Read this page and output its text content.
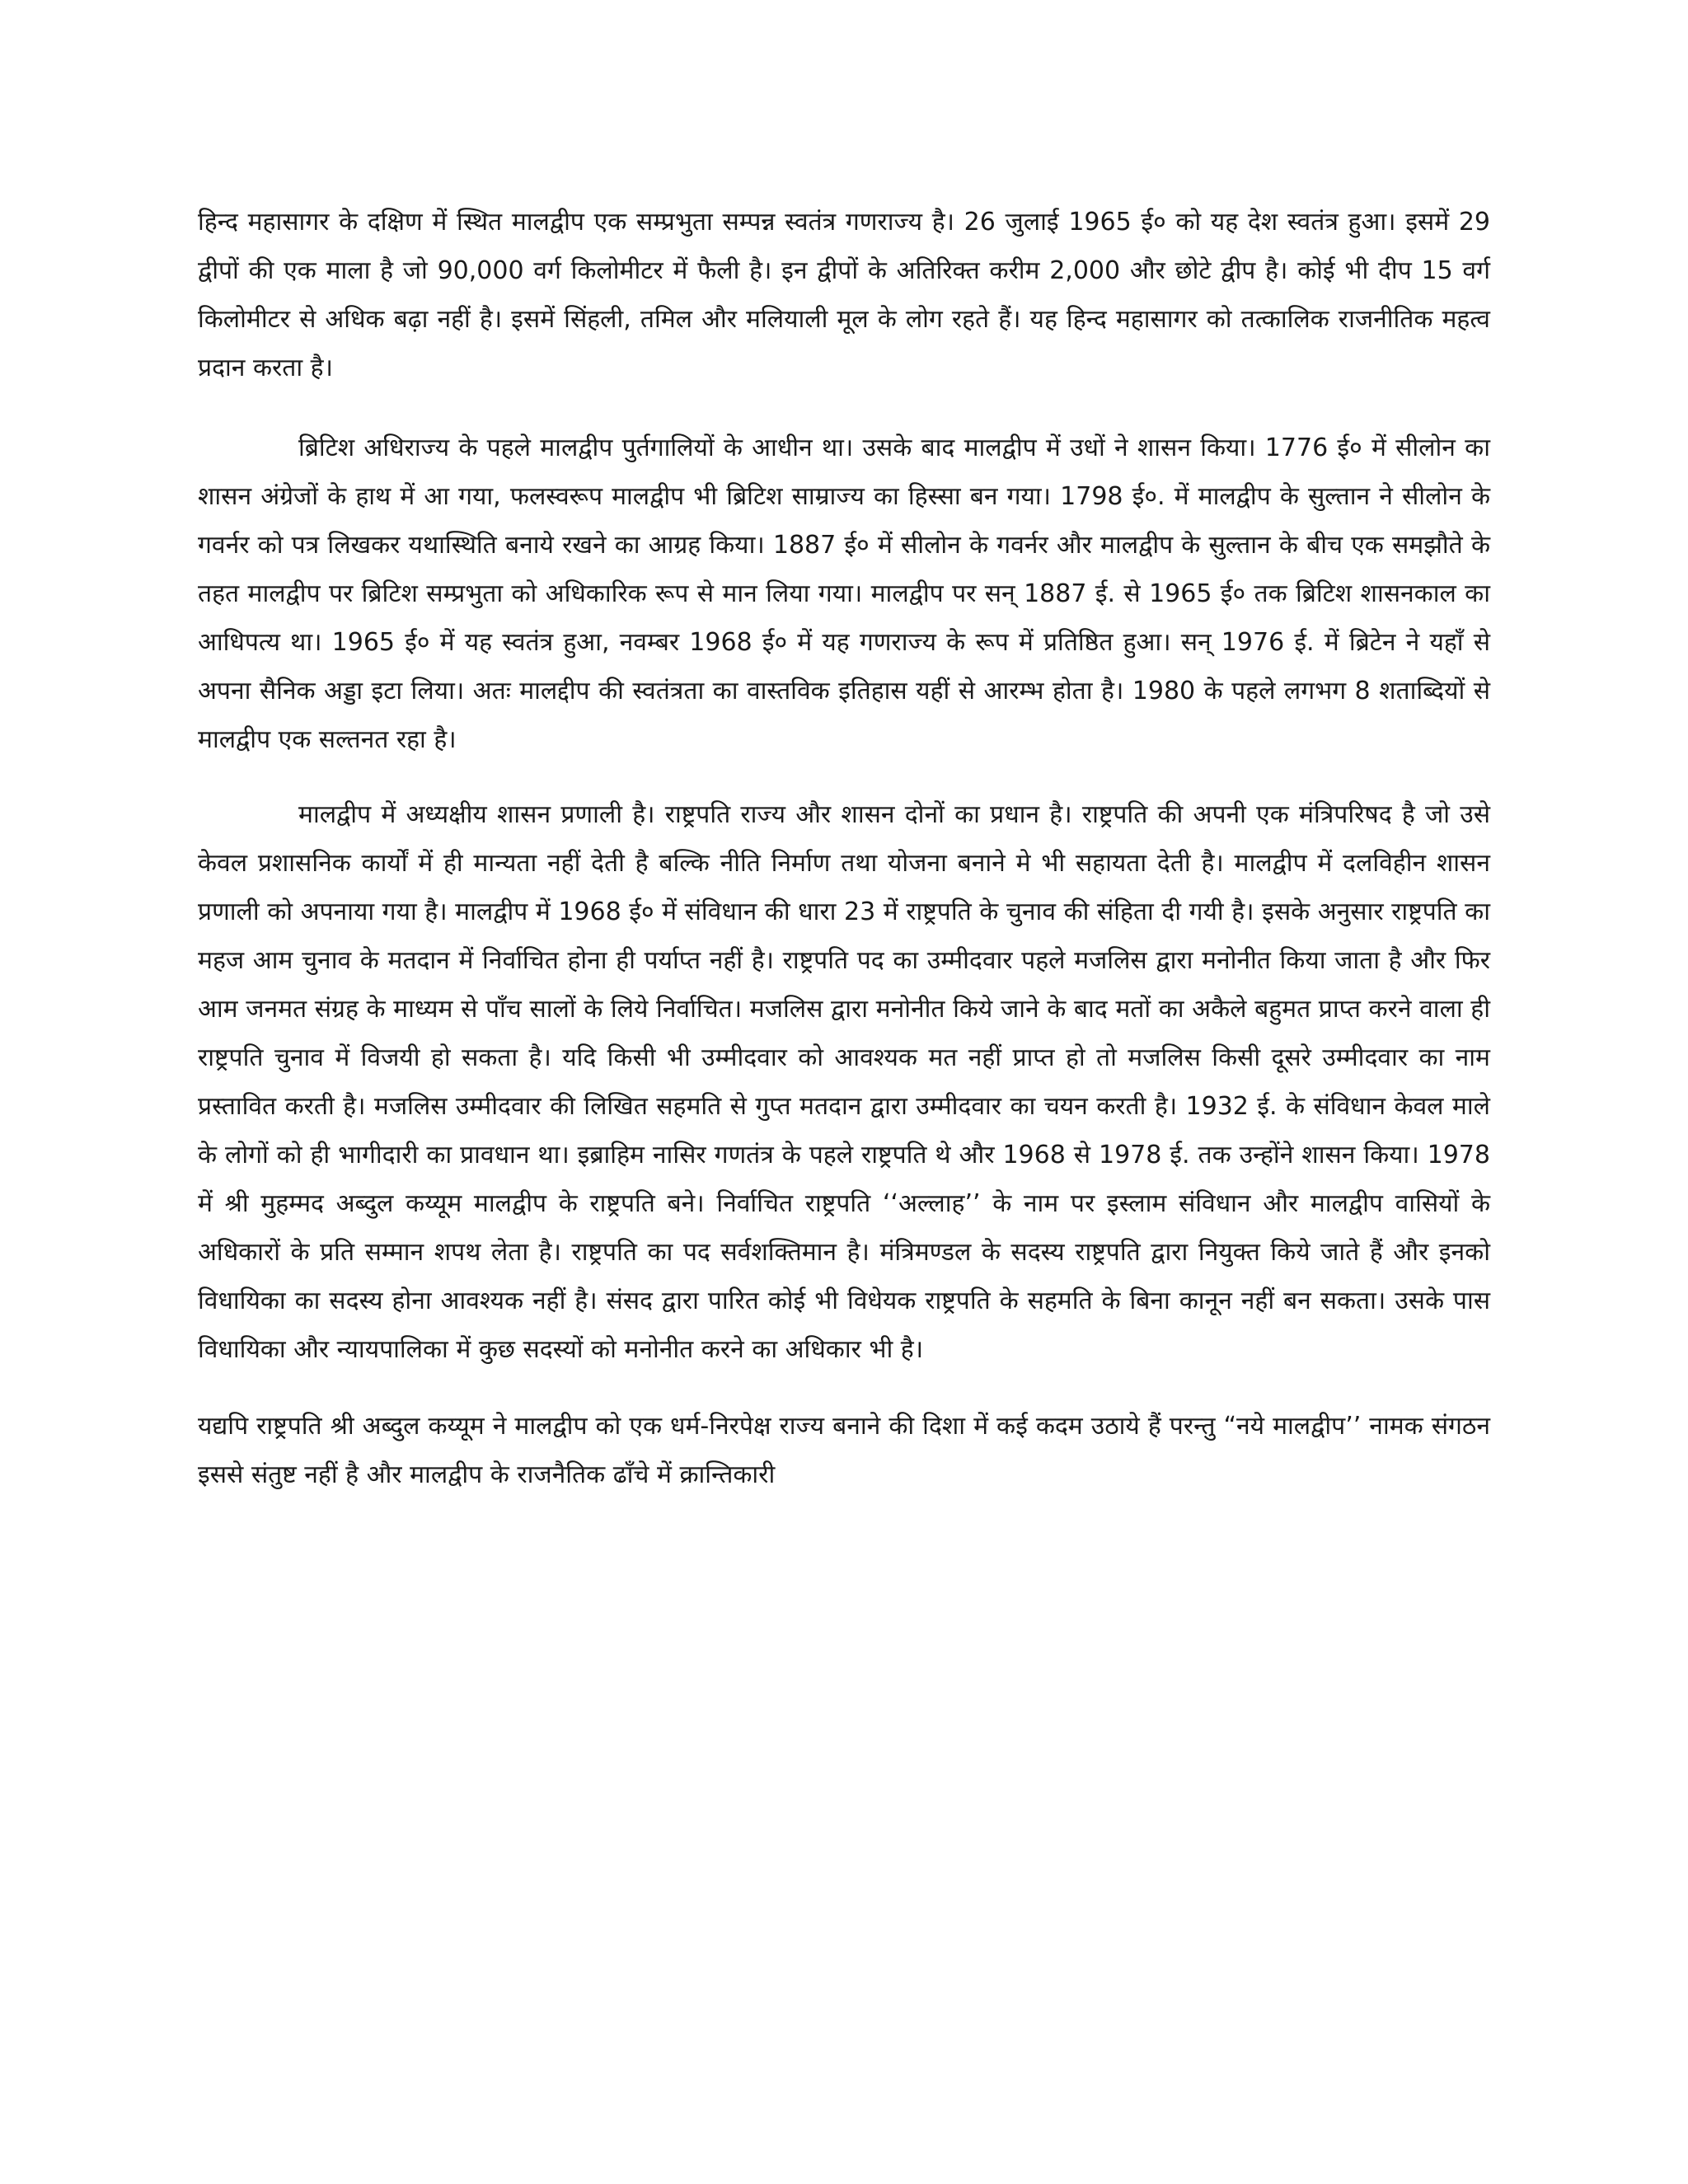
हिन्द महासागर के दक्षिण में स्थित मालद्वीप एक सम्प्रभुता सम्पन्न स्वतंत्र गणराज्य है। 26 जुलाई 1965 ई० को यह देश स्वतंत्र हुआ। इसमें 29 द्वीपों की एक माला है जो 90,000 वर्ग किलोमीटर में फैली है। इन द्वीपों के अतिरिक्त करीम 2,000 और छोटे द्वीप है। कोई भी दीप 15 वर्ग किलोमीटर से अधिक बढ़ा नहीं है। इसमें सिंहली, तमिल और मलियाली मूल के लोग रहते हैं। यह हिन्द महासागर को तत्कालिक राजनीतिक महत्व प्रदान करता है।

ब्रिटिश अधिराज्य के पहले मालद्वीप पुर्तगालियों के आधीन था। उसके बाद मालद्वीप में उधों ने शासन किया। 1776 ई० में सीलोन का शासन अंग्रेजों के हाथ में आ गया, फलस्वरूप मालद्वीप भी ब्रिटिश साम्राज्य का हिस्सा बन गया। 1798 ई०. में मालद्वीप के सुल्तान ने सीलोन के गवर्नर को पत्र लिखकर यथास्थिति बनाये रखने का आग्रह किया। 1887 ई० में सीलोन के गवर्नर और मालद्वीप के सुल्तान के बीच एक समझौते के तहत मालद्वीप पर ब्रिटिश सम्प्रभुता को अधिकारिक रूप से मान लिया गया। मालद्वीप पर सन् 1887 ई. से 1965 ई० तक ब्रिटिश शासनकाल का आधिपत्य था। 1965 ई० में यह स्वतंत्र हुआ, नवम्बर 1968 ई० में यह गणराज्य के रूप में प्रतिष्ठित हुआ। सन् 1976 ई. में ब्रिटेन ने यहाँ से अपना सैनिक अड्डा इटा लिया। अतः मालद्दीप की स्वतंत्रता का वास्तविक इतिहास यहीं से आरम्भ होता है। 1980 के पहले लगभग 8 शताब्दियों से मालद्वीप एक सल्तनत रहा है।

मालद्वीप में अध्यक्षीय शासन प्रणाली है। राष्ट्रपति राज्य और शासन दोनों का प्रधान है। राष्ट्रपति की अपनी एक मंत्रिपरिषद है जो उसे केवल प्रशासनिक कार्यों में ही मान्यता नहीं देती है बल्कि नीति निर्माण तथा योजना बनाने मे भी सहायता देती है। मालद्वीप में दलविहीन शासन प्रणाली को अपनाया गया है। मालद्वीप में 1968 ई० में संविधान की धारा 23 में राष्ट्रपति के चुनाव की संहिता दी गयी है। इसके अनुसार राष्ट्रपति का महज आम चुनाव के मतदान में निर्वाचित होना ही पर्याप्त नहीं है। राष्ट्रपति पद का उम्मीदवार पहले मजलिस द्वारा मनोनीत किया जाता है और फिर आम जनमत संग्रह के माध्यम से पाँच सालों के लिये निर्वाचित। मजलिस द्वारा मनोनीत किये जाने के बाद मतों का अकैले बहुमत प्राप्त करने वाला ही राष्ट्रपति चुनाव में विजयी हो सकता है। यदि किसी भी उम्मीदवार को आवश्यक मत नहीं प्राप्त हो तो मजलिस किसी दूसरे उम्मीदवार का नाम प्रस्तावित करती है। मजलिस उम्मीदवार की लिखित सहमति से गुप्त मतदान द्वारा उम्मीदवार का चयन करती है। 1932 ई. के संविधान केवल माले के लोगों को ही भागीदारी का प्रावधान था। इब्राहिम नासिर गणतंत्र के पहले राष्ट्रपति थे और 1968 से 1978 ई. तक उन्होंने शासन किया। 1978 में श्री मुहम्मद अब्दुल कय्यूम मालद्वीप के राष्ट्रपति बने। निर्वाचित राष्ट्रपति ‘‘अल्लाह’’ के नाम पर इस्लाम संविधान और मालद्वीप वासियों के अधिकारों के प्रति सम्मान शपथ लेता है। राष्ट्रपति का पद सर्वशक्तिमान है। मंत्रिमण्डल के सदस्य राष्ट्रपति द्वारा नियुक्त किये जाते हैं और इनको विधायिका का सदस्य होना आवश्यक नहीं है। संसद द्वारा पारित कोई भी विधेयक राष्ट्रपति के सहमति के बिना कानून नहीं बन सकता। उसके पास विधायिका और न्यायपालिका में कुछ सदस्यों को मनोनीत करने का अधिकार भी है।

यद्यपि राष्ट्रपति श्री अब्दुल कय्यूम ने मालद्वीप को एक धर्म-निरपेक्ष राज्य बनाने की दिशा में कई कदम उठाये हैं परन्तु “नये मालद्वीप’’ नामक संगठन इससे संतुष्ट नहीं है और मालद्वीप के राजनैतिक ढाँचे में क्रान्तिकारी
